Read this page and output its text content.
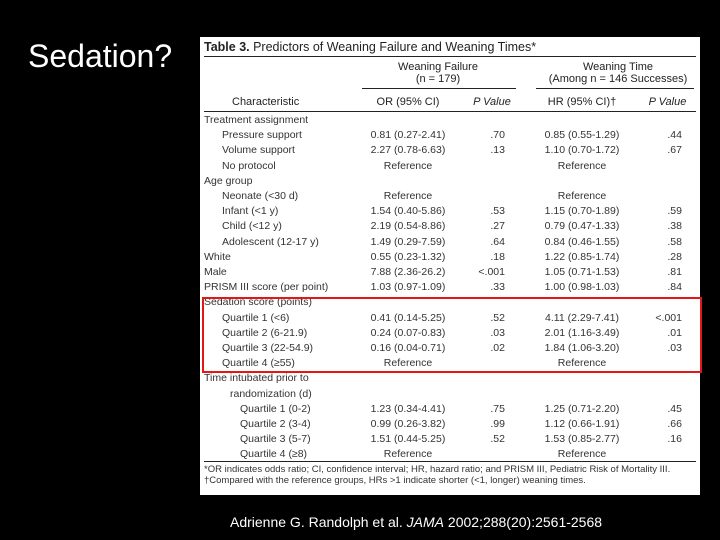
Sedation?	Table 3. Predictors of Weaning Failure and Weaning Times*
Weaning Failure
(n = 179)
Weaning Time
(Among n = 146 Successes)
Characteristic	OR (95% CI)	P Value	HR (95% CI)†	P Value
Treatment assignment
Pressure support	0.81 (0.27-2.41)	.70	0.85 (0.55-1.29)	.44
Volume support	2.27 (0.78-6.63)	.13	1.10 (0.70-1.72)	.67
No protocol	Reference	Reference
Age group
Neonate (<30 d)	Reference	Reference
Infant (<1 y)	1.54 (0.40-5.86)	.53	1.15 (0.70-1.89)	.59
Child (<12 y)	2.19 (0.54-8.86)	.27	0.79 (0.47-1.33)	.38
Adolescent (12-17 y)	1.49 (0.29-7.59)	.64	0.84 (0.46-1.55)	.58
White	0.55 (0.23-1.32)	.18	1.22 (0.85-1.74)	.28
Male	7.88 (2.36-26.2)	<.001	1.05 (0.71-1.53)	.81
PRISM III score (per point)	1.03 (0.97-1.09)	.33	1.00 (0.98-1.03)	.84
Sedation score (points)
Quartile 1 (<6)	0.41 (0.14-5.25)	.52	4.11 (2.29-7.41)	<.001
Quartile 2 (6-21.9)	0.24 (0.07-0.83)	.03	2.01 (1.16-3.49)	.01
Quartile 3 (22-54.9)	0.16 (0.04-0.71)	.02	1.84 (1.06-3.20)	.03
Quartile 4 (≥55)	Reference	Reference
Time intubated prior to
randomization (d)
Quartile 1 (0-2)	1.23 (0.34-4.41)	.75	1.25 (0.71-2.20)	.45
Quartile 2 (3-4)	0.99 (0.26-3.82)	.99	1.12 (0.66-1.91)	.66
Quartile 3 (5-7)	1.51 (0.44-5.25)	.52	1.53 (0.85-2.77)	.16
Quartile 4 (≥8)	Reference	Reference
*OR indicates odds ratio; CI, confidence interval; HR, hazard ratio; and PRISM III, Pediatric Risk of Mortality III. †Compared with the reference groups, HRs >1 indicate shorter (<1, longer) weaning times.
Adrienne G. Randolph et al. JAMA 2002;288(20):2561-2568
